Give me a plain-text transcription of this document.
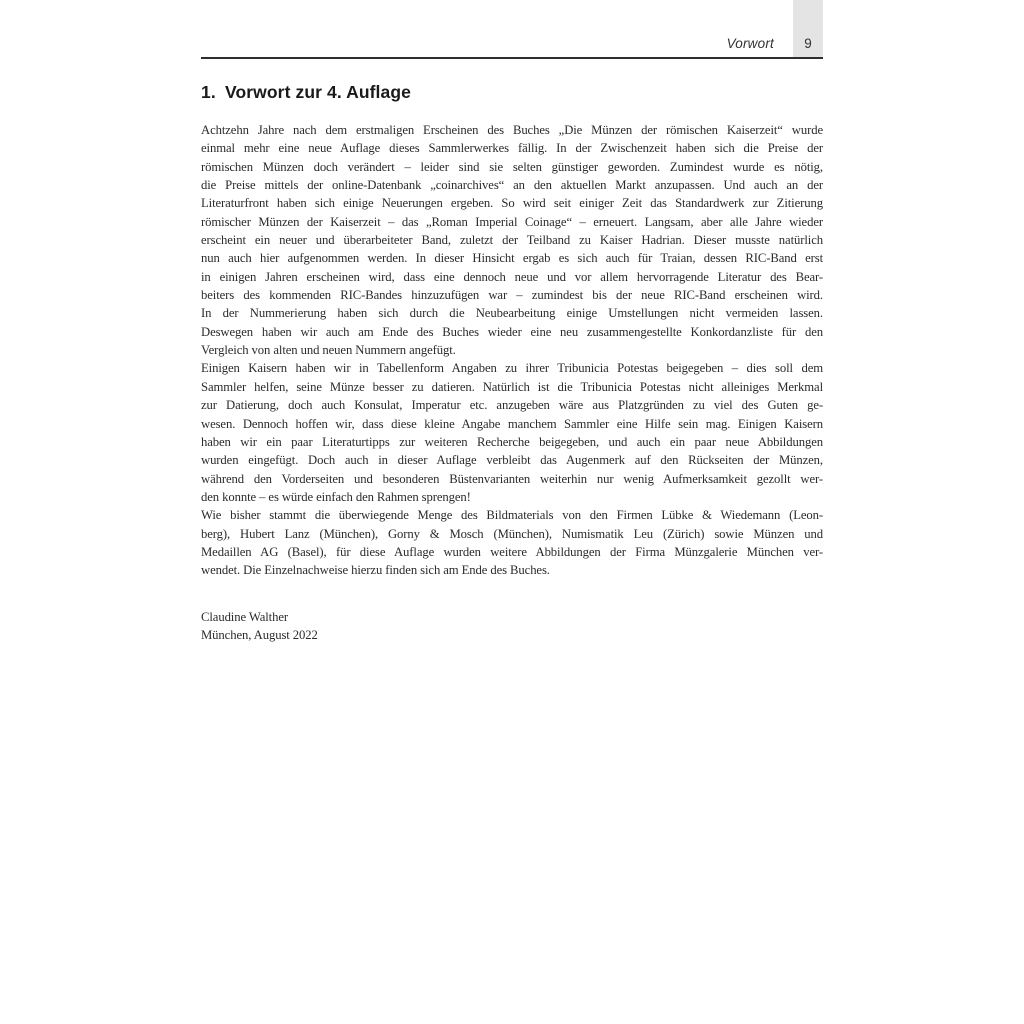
Vorwort 9
1. Vorwort zur 4. Auflage
Achtzehn Jahre nach dem erstmaligen Erscheinen des Buches „Die Münzen der römischen Kaiserzeit“ wurde
einmal mehr eine neue Auflage dieses Sammlerwerkes fällig. In der Zwischenzeit haben sich die Preise der
römischen Münzen doch verändert – leider sind sie selten günstiger geworden. Zumindest wurde es nötig,
die Preise mittels der online-Datenbank „coinarchives“ an den aktuellen Markt anzupassen. Und auch an der
Literaturfront haben sich einige Neuerungen ergeben. So wird seit einiger Zeit das Standardwerk zur Zitierung
römischer Münzen der Kaiserzeit – das „Roman Imperial Coinage“ – erneuert. Langsam, aber alle Jahre wieder
erscheint ein neuer und überarbeiteter Band, zuletzt der Teilband zu Kaiser Hadrian. Dieser musste natürlich
nun auch hier aufgenommen werden. In dieser Hinsicht ergab es sich auch für Traian, dessen RIC-Band erst
in einigen Jahren erscheinen wird, dass eine dennoch neue und vor allem hervorragende Literatur des Bear-
beiters des kommenden RIC-Bandes hinzuzufügen war – zumindest bis der neue RIC-Band erscheinen wird.
In der Nummerierung haben sich durch die Neubearbeitung einige Umstellungen nicht vermeiden lassen.
Deswegen haben wir auch am Ende des Buches wieder eine neu zusammengestellte Konkordanzliste für den
Vergleich von alten und neuen Nummern angefügt.
Einigen Kaisern haben wir in Tabellenform Angaben zu ihrer Tribunicia Potestas beigegeben – dies soll dem
Sammler helfen, seine Münze besser zu datieren. Natürlich ist die Tribunicia Potestas nicht alleiniges Merkmal
zur Datierung, doch auch Konsulat, Imperatur etc. anzugeben wäre aus Platzgründen zu viel des Guten ge-
wesen. Dennoch hoffen wir, dass diese kleine Angabe manchem Sammler eine Hilfe sein mag. Einigen Kaisern
haben wir ein paar Literaturtipps zur weiteren Recherche beigegeben, und auch ein paar neue Abbildungen
wurden eingefügt. Doch auch in dieser Auflage verbleibt das Augenmerk auf den Rückseiten der Münzen,
während den Vorderseiten und besonderen Büstenvarianten weiterhin nur wenig Aufmerksamkeit gezollt wer-
den konnte – es würde einfach den Rahmen sprengen!
Wie bisher stammt die überwiegende Menge des Bildmaterials von den Firmen Lübke & Wiedemann (Leon-
berg), Hubert Lanz (München), Gorny & Mosch (München), Numismatik Leu (Zürich) sowie Münzen und
Medaillen AG (Basel), für diese Auflage wurden weitere Abbildungen der Firma Münzgalerie München ver-
wendet. Die Einzelnachweise hierzu finden sich am Ende des Buches.
Claudine Walther
München, August 2022
